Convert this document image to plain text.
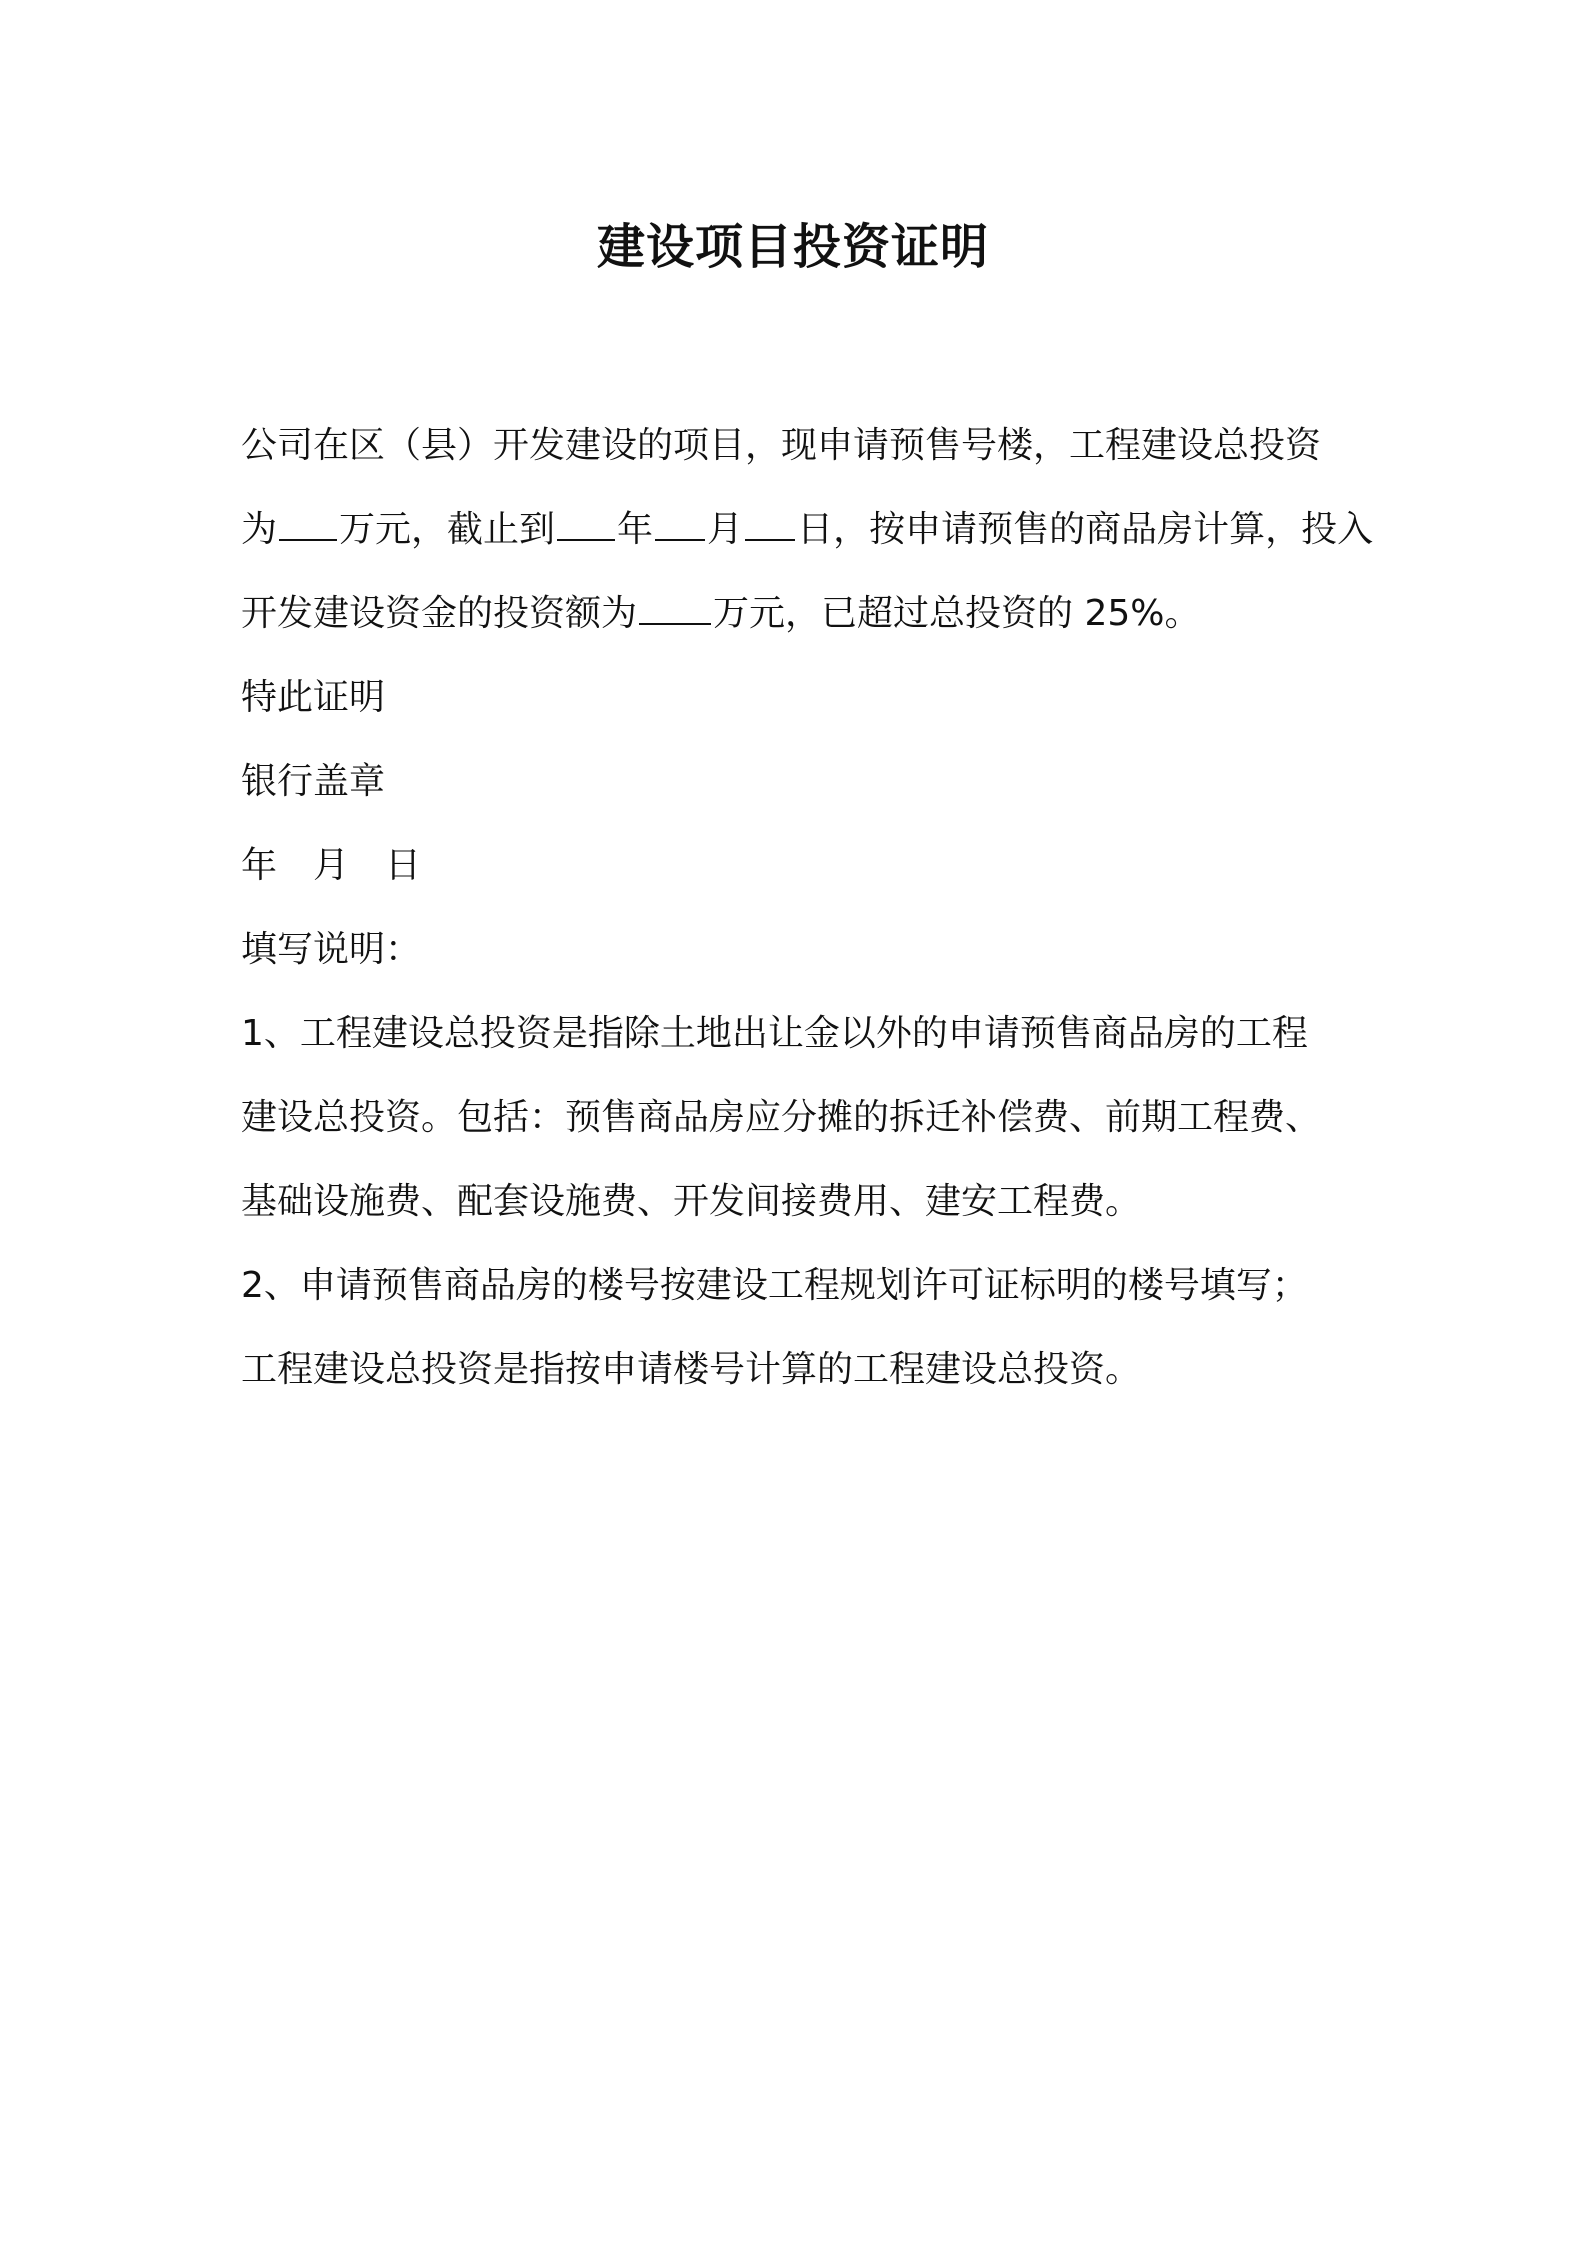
建设项目投资证明
公司在区（县）开发建设的项目，现申请预售号楼，工程建设总投资
为 万元，截止到 年 月 日，按申请预售的商品房计算，投入
开发建设资金的投资额为 万元，已超过总投资的 25%。
特此证明
银行盖章
年 月 日
填写说明：
1、工程建设总投资是指除土地出让金以外的申请预售商品房的工程
建设总投资。包括：预售商品房应分摊的拆迁补偿费、前期工程费、
基础设施费、配套设施费、开发间接费用、建安工程费。
2、申请预售商品房的楼号按建设工程规划许可证标明的楼号填写；
工程建设总投资是指按申请楼号计算的工程建设总投资。
